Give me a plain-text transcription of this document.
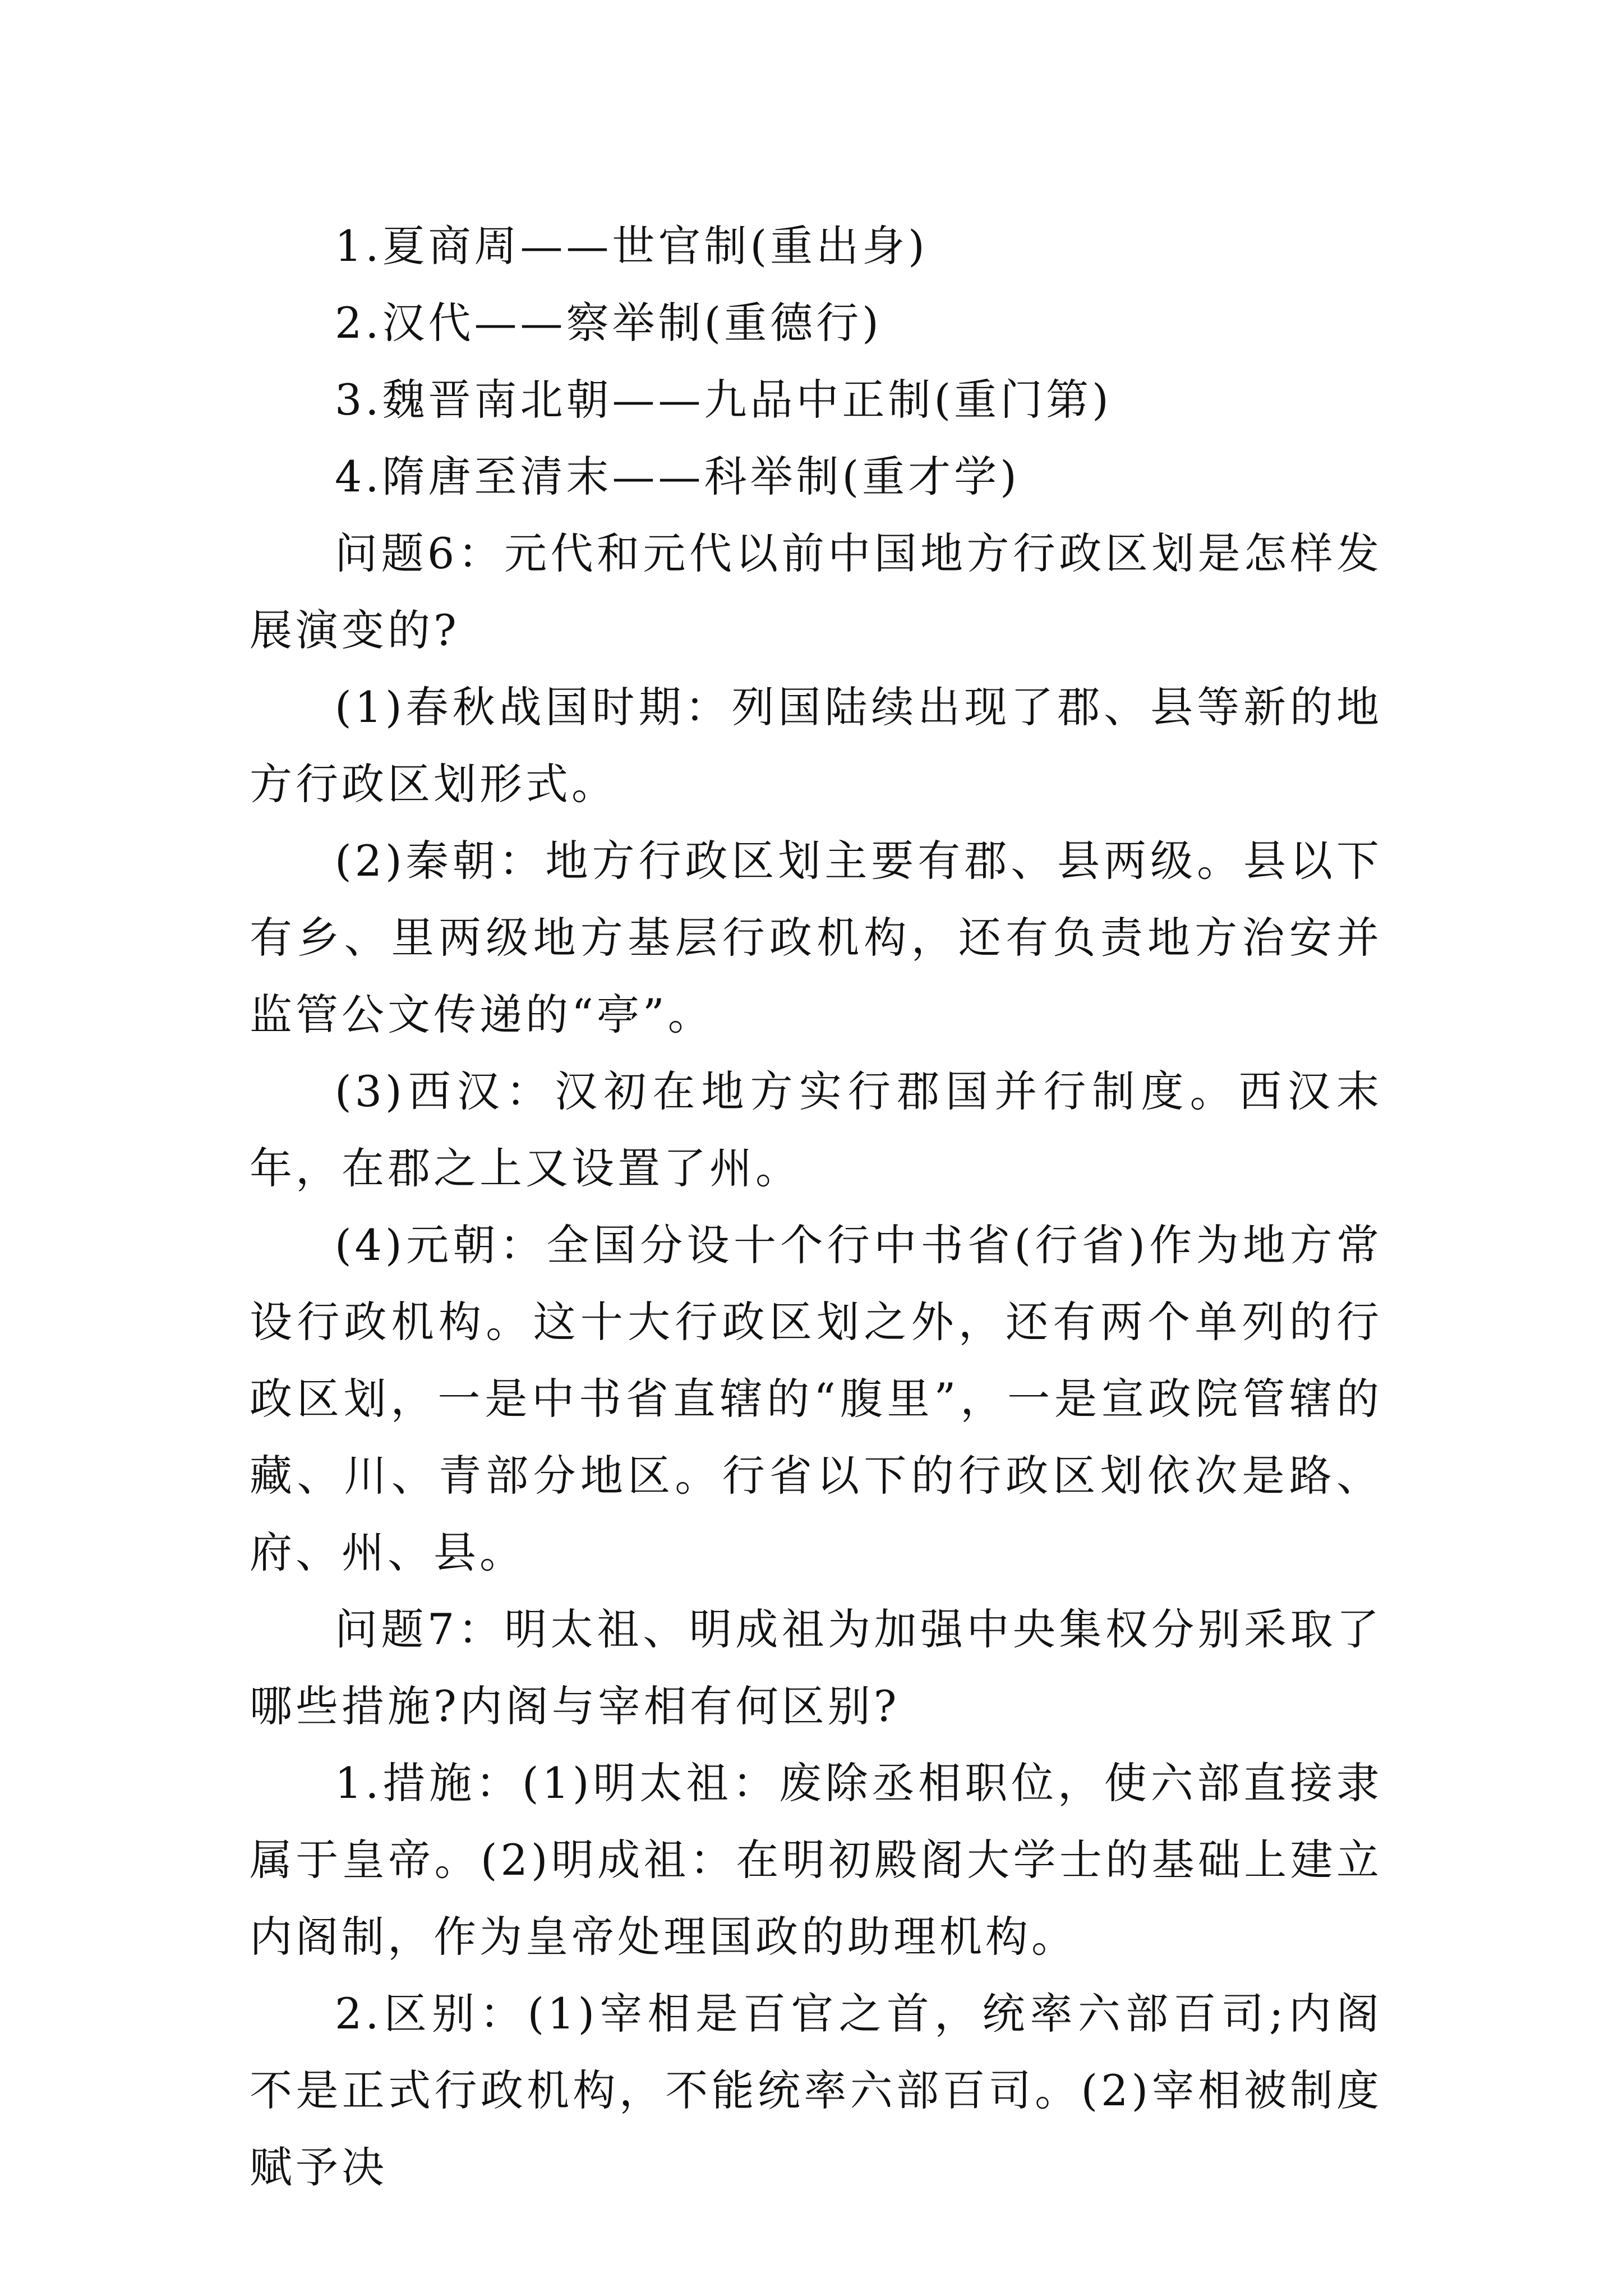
1.夏商周——世官制(重出身)

2.汉代——察举制(重德行)

3.魏晋南北朝——九品中正制(重门第)

4.隋唐至清末——科举制(重才学)

问题6：元代和元代以前中国地方行政区划是怎样发展演变的?

(1)春秋战国时期：列国陆续出现了郡、县等新的地方行政区划形式。

(2)秦朝：地方行政区划主要有郡、县两级。县以下有乡、里两级地方基层行政机构，还有负责地方治安并监管公文传递的“亭”。

(3)西汉：汉初在地方实行郡国并行制度。西汉末年，在郡之上又设置了州。

(4)元朝：全国分设十个行中书省(行省)作为地方常设行政机构。这十大行政区划之外，还有两个单列的行政区划，一是中书省直辖的“腹里”，一是宣政院管辖的藏、川、青部分地区。行省以下的行政区划依次是路、府、州、县。

问题7：明太祖、明成祖为加强中央集权分别采取了哪些措施?内阁与宰相有何区别?

1.措施：(1)明太祖：废除丞相职位，使六部直接隶属于皇帝。(2)明成祖：在明初殿阁大学士的基础上建立内阁制，作为皇帝处理国政的助理机构。

2.区别：(1)宰相是百官之首，统率六部百司;内阁不是正式行政机构，不能统率六部百司。(2)宰相被制度赋予决
